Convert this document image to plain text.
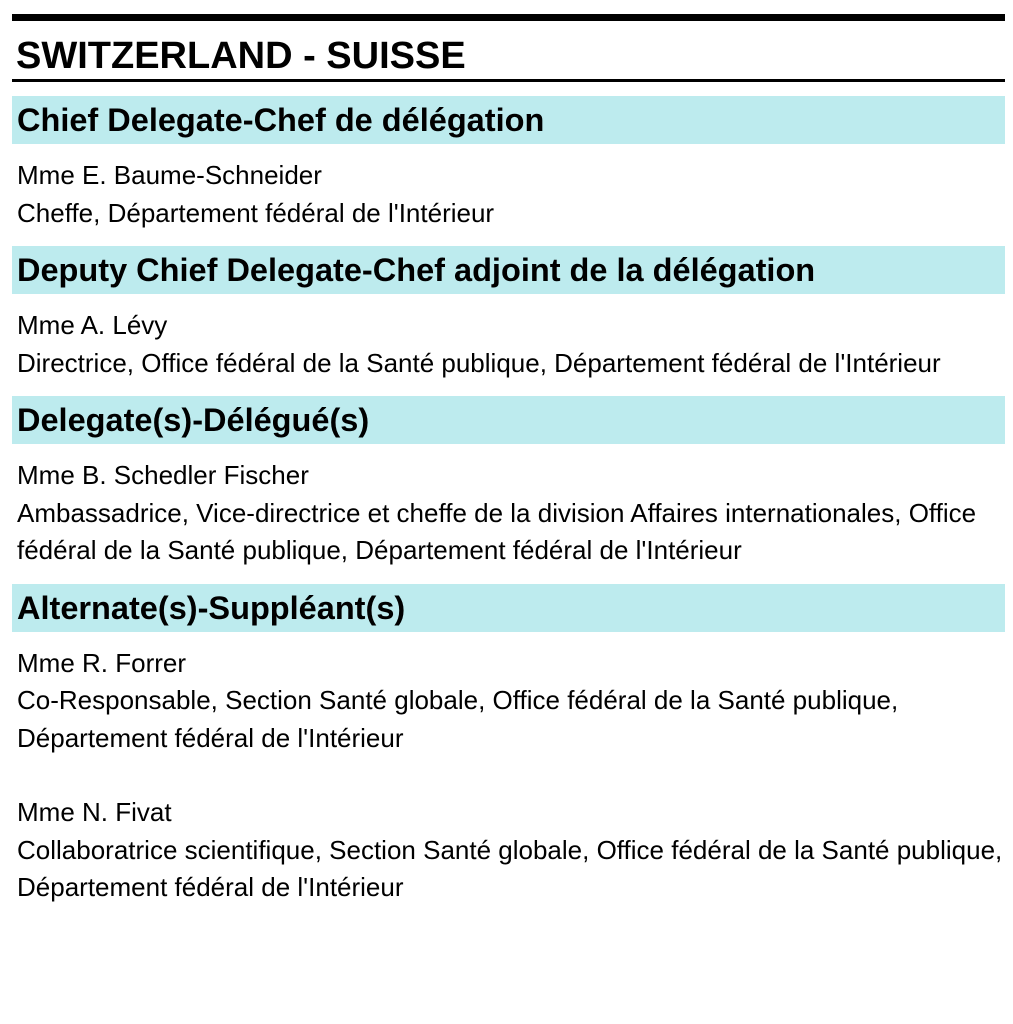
SWITZERLAND - SUISSE
Chief Delegate-Chef de délégation
Mme E. Baume-Schneider
Cheffe, Département fédéral de l'Intérieur
Deputy Chief Delegate-Chef adjoint de la délégation
Mme A. Lévy
Directrice, Office fédéral de la Santé publique, Département fédéral de l'Intérieur
Delegate(s)-Délégué(s)
Mme B. Schedler Fischer
Ambassadrice, Vice-directrice et cheffe de la division Affaires internationales, Office fédéral de la Santé publique, Département fédéral de l'Intérieur
Alternate(s)-Suppléant(s)
Mme R. Forrer
Co-Responsable, Section Santé globale, Office fédéral de la Santé publique, Département fédéral de l'Intérieur
Mme N. Fivat
Collaboratrice scientifique, Section Santé globale, Office fédéral de la Santé publique, Département fédéral de l'Intérieur
